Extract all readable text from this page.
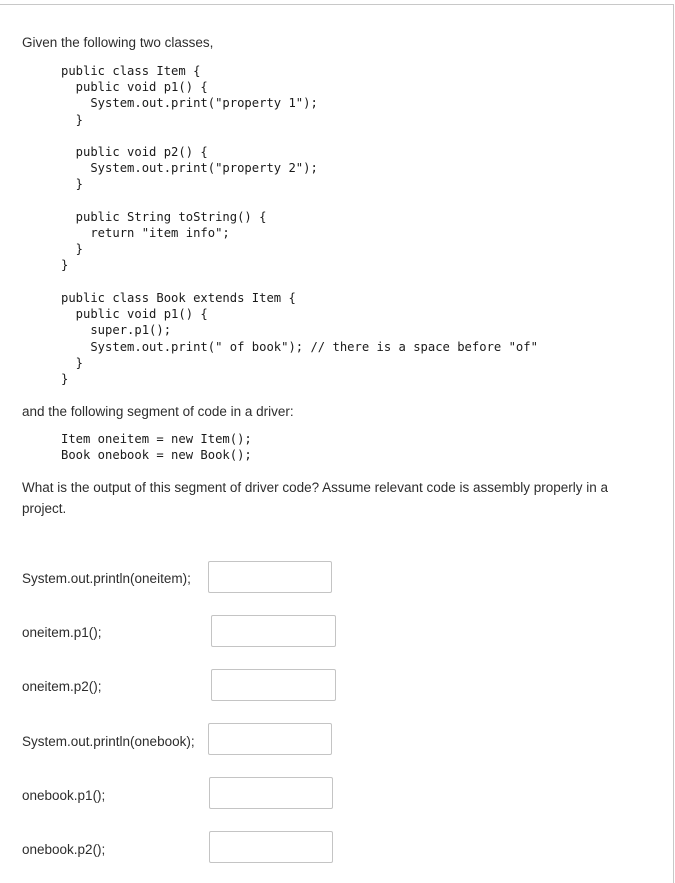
Given the following two classes,
public class Item {
public void p1() {
System.out.print("property 1");
}

public void p2() {
System.out.print("property 2");
}

public String toString() {
return "item info";
}
}
public class Book extends Item {
public void p1() {
super.p1();
System.out.print(" of book"); // there is a space before "of"
}
}
and the following segment of code in a driver:
Item oneitem = new Item();
Book onebook = new Book();
What is the output of this segment of driver code? Assume relevant code is assembly properly in a project.
System.out.println(oneitem);
oneitem.p1();
oneitem.p2();
System.out.println(onebook);
onebook.p1();
onebook.p2();
